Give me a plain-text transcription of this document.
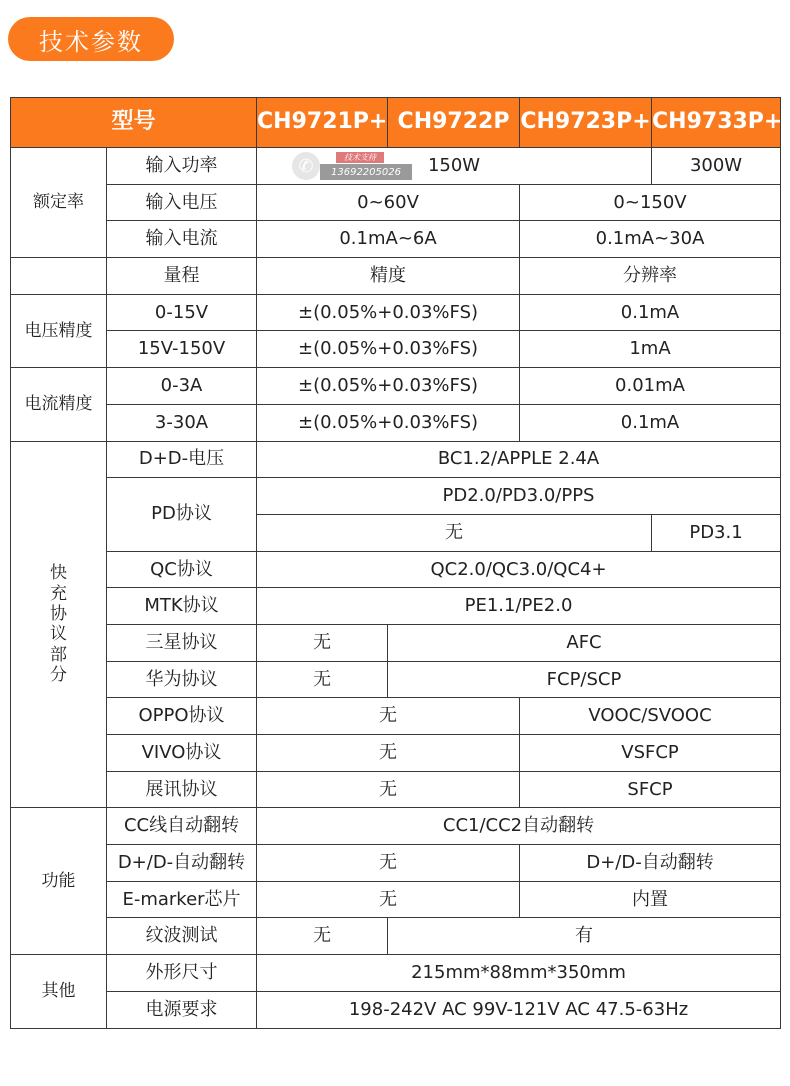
技术参数
型号		CH9721P+	CH9722P	CH9723P+	CH9733P+
额定率	输入功率	150W			300W
	输入电压	0~60V		0~150V	
	输入电流	0.1mA~6A		0.1mA~30A	
	量程	精度		分辨率	
电压精度	0-15V	±(0.05%+0.03%FS)		0.1mA	
	15V-150V	±(0.05%+0.03%FS)		1mA	
电流精度	0-3A	±(0.05%+0.03%FS)		0.01mA	
	3-30A	±(0.05%+0.03%FS)		0.1mA	
快充协议部分	D+D-电压	BC1.2/APPLE 2.4A			
	PD协议	PD2.0/PD3.0/PPS			
		无			PD3.1
	QC协议	QC2.0/QC3.0/QC4+			
	MTK协议	PE1.1/PE2.0			
	三星协议	无	AFC		
	华为协议	无	FCP/SCP		
	OPPO协议	无		VOOC/SVOOC	
	VIVO协议	无		VSFCP	
	展讯协议	无		SFCP	
功能	CC线自动翻转	CC1/CC2自动翻转			
	D+/D-自动翻转	无		D+/D-自动翻转	
	E-marker芯片	无		内置	
	纹波测试	无	有		
其他	外形尺寸	215mm*88mm*350mm			
	电源要求	198-242V AC 99V-121V AC 47.5-63Hz			
✆	技术支持
13692205026
